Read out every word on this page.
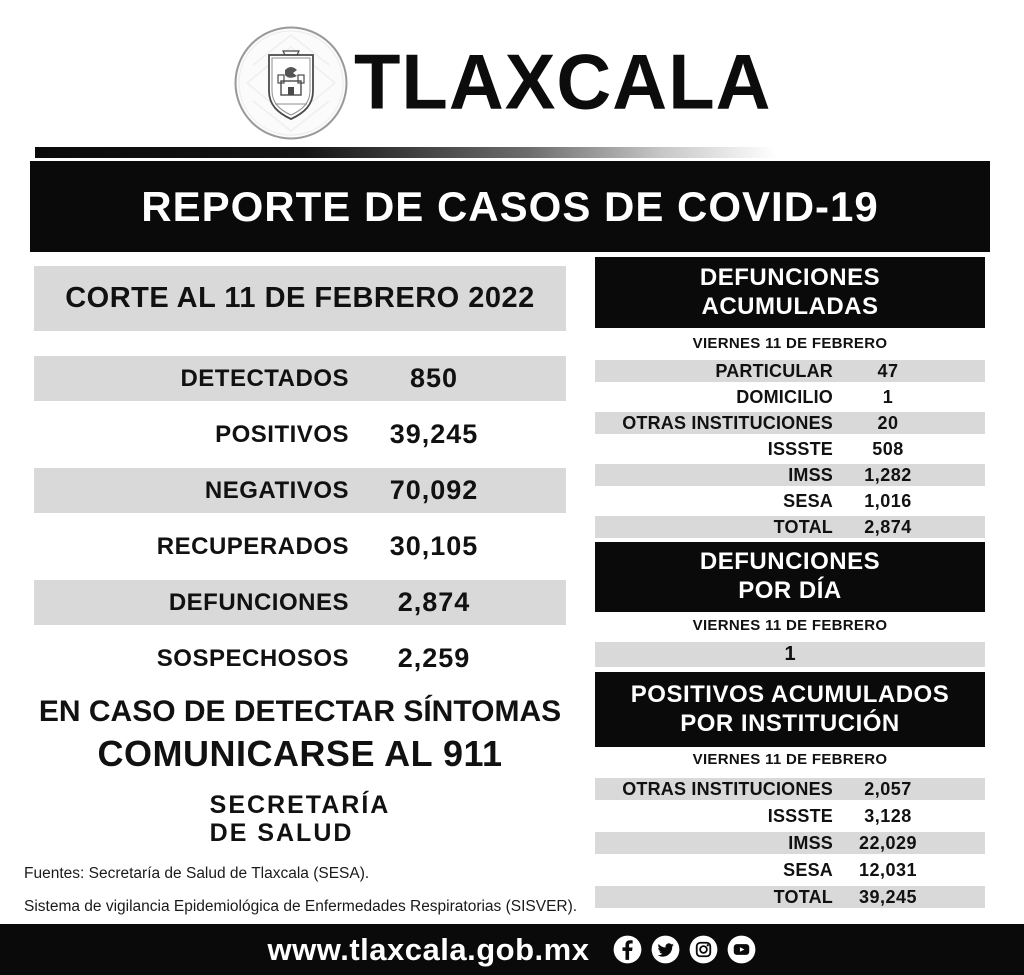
TLAXCALA
REPORTE DE CASOS DE COVID-19
CORTE AL 11 DE FEBRERO 2022
DETECTADOS	850
POSITIVOS	39,245
NEGATIVOS	70,092
RECUPERADOS	30,105
DEFUNCIONES	2,874
SOSPECHOSOS	2,259
EN CASO DE DETECTAR SÍNTOMAS
COMUNICARSE AL 911
SECRETARÍA
DE SALUD
Fuentes: Secretaría de Salud de Tlaxcala (SESA).
Sistema de vigilancia Epidemiológica de Enfermedades Respiratorias (SISVER).
DEFUNCIONES
ACUMULADAS
VIERNES 11 DE FEBRERO
PARTICULAR	47
DOMICILIO	1
OTRAS INSTITUCIONES	20
ISSSTE	508
IMSS	1,282
SESA	1,016
TOTAL	2,874
DEFUNCIONES
POR DÍA
VIERNES 11 DE FEBRERO
1
POSITIVOS ACUMULADOS
POR INSTITUCIÓN
VIERNES 11 DE FEBRERO
OTRAS INSTITUCIONES	2,057
ISSSTE	3,128
IMSS	22,029
SESA	12,031
TOTAL	39,245
www.tlaxcala.gob.mx
